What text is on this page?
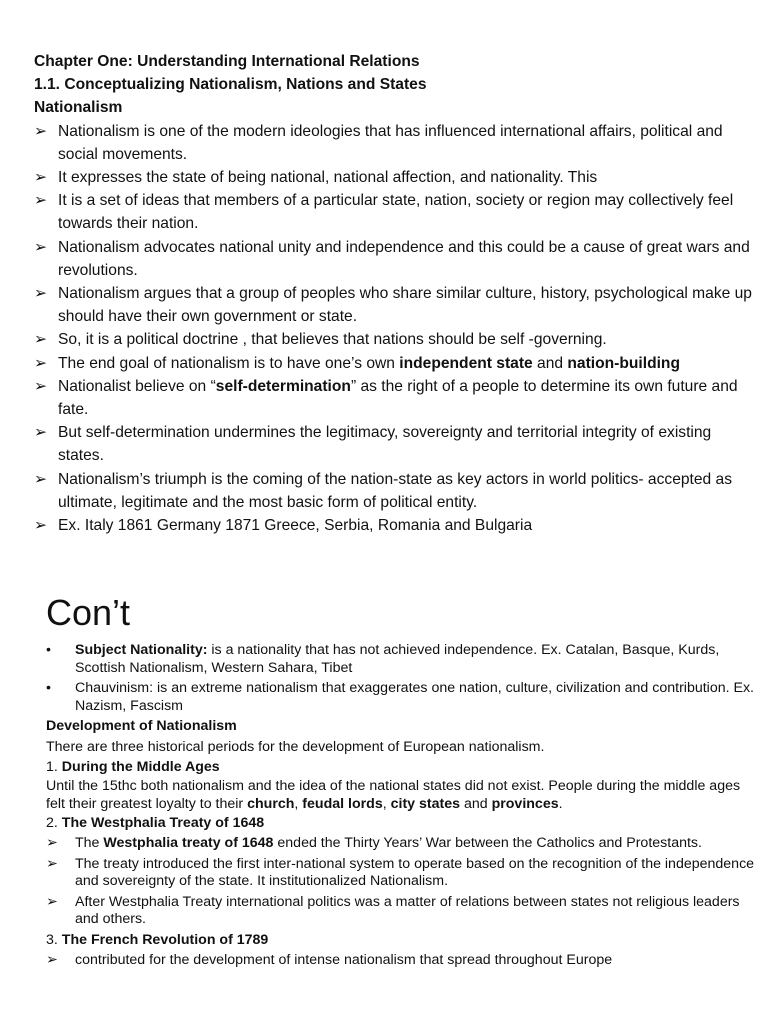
Chapter One: Understanding International Relations
1.1. Conceptualizing Nationalism, Nations and States
Nationalism
➢ Nationalism is one of the modern ideologies that has influenced international affairs, political and social movements.
➢ It expresses the state of being national, national affection, and nationality. This
➢ It is a set of ideas that members of a particular state, nation, society or region may collectively feel towards their nation.
➢ Nationalism advocates national unity and independence and this could be a cause of great wars and revolutions.
➢ Nationalism argues that a group of peoples who share similar culture, history, psychological make up should have their own government or state.
➢ So, it is a political doctrine , that believes that nations should be self -governing.
➢ The end goal of nationalism is to have one’s own independent state and nation-building
➢ Nationalist believe on “self-determination” as the right of a people to determine its own future and fate.
➢ But self-determination undermines the legitimacy, sovereignty and territorial integrity of existing states.
➢ Nationalism’s triumph is the coming of the nation-state as key actors in world politics- accepted as ultimate, legitimate and the most basic form of political entity.
➢ Ex. Italy 1861 Germany 1871 Greece, Serbia, Romania and Bulgaria
Con’t
• Subject Nationality: is a nationality that has not achieved independence. Ex. Catalan, Basque, Kurds, Scottish Nationalism, Western Sahara, Tibet
• Chauvinism: is an extreme nationalism that exaggerates one nation, culture, civilization and contribution. Ex. Nazism, Fascism
Development of Nationalism
There are three historical periods for the development of European nationalism.
1. During the Middle Ages
Until the 15thc both nationalism and the idea of the national states did not exist. People during the middle ages felt their greatest loyalty to their church, feudal lords, city states and provinces.
2. The Westphalia Treaty of 1648
➢ The Westphalia treaty of 1648 ended the Thirty Years’ War between the Catholics and Protestants.
➢ The treaty introduced the first inter-national system to operate based on the recognition of the independence and sovereignty of the state. It institutionalized Nationalism.
➢ After Westphalia Treaty international politics was a matter of relations between states not religious leaders and others.
3. The French Revolution of 1789
➢ contributed for the development of intense nationalism that spread throughout Europe
